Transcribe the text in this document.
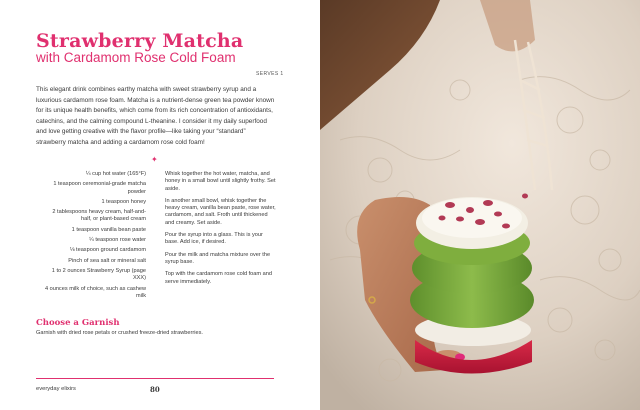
Strawberry Matcha
with Cardamom Rose Cold Foam
SERVES 1
This elegant drink combines earthy matcha with sweet strawberry syrup and a luxurious cardamom rose foam. Matcha is a nutrient-dense green tea powder known for its unique health benefits, which come from its rich concentration of antioxidants, catechins, and the calming compound L-theanine. I consider it my daily superfood and love getting creative with the flavor profile—like taking your “standard” strawberry matcha and adding a cardamom rose cold foam!
✦
¼ cup hot water (165°F)
1 teaspoon ceremonial-grade matcha powder
1 teaspoon honey
2 tablespoons heavy cream, half-and-half, or plant-based cream
1 teaspoon vanilla bean paste
¼ teaspoon rose water
⅛ teaspoon ground cardamom
Pinch of sea salt or mineral salt
1 to 2 ounces Strawberry Syrup (page XXX)
4 ounces milk of choice, such as cashew milk
Whisk together the hot water, matcha, and honey in a small bowl until slightly frothy. Set aside.
In another small bowl, whisk together the heavy cream, vanilla bean paste, rose water, cardamom, and salt. Froth until thickened and creamy. Set aside.
Pour the syrup into a glass. This is your base. Add ice, if desired.
Pour the milk and matcha mixture over the syrup base.
Top with the cardamom rose cold foam and serve immediately.
Choose a Garnish
Garnish with dried rose petals or crushed freeze-dried strawberries.
everyday elixirs	80
